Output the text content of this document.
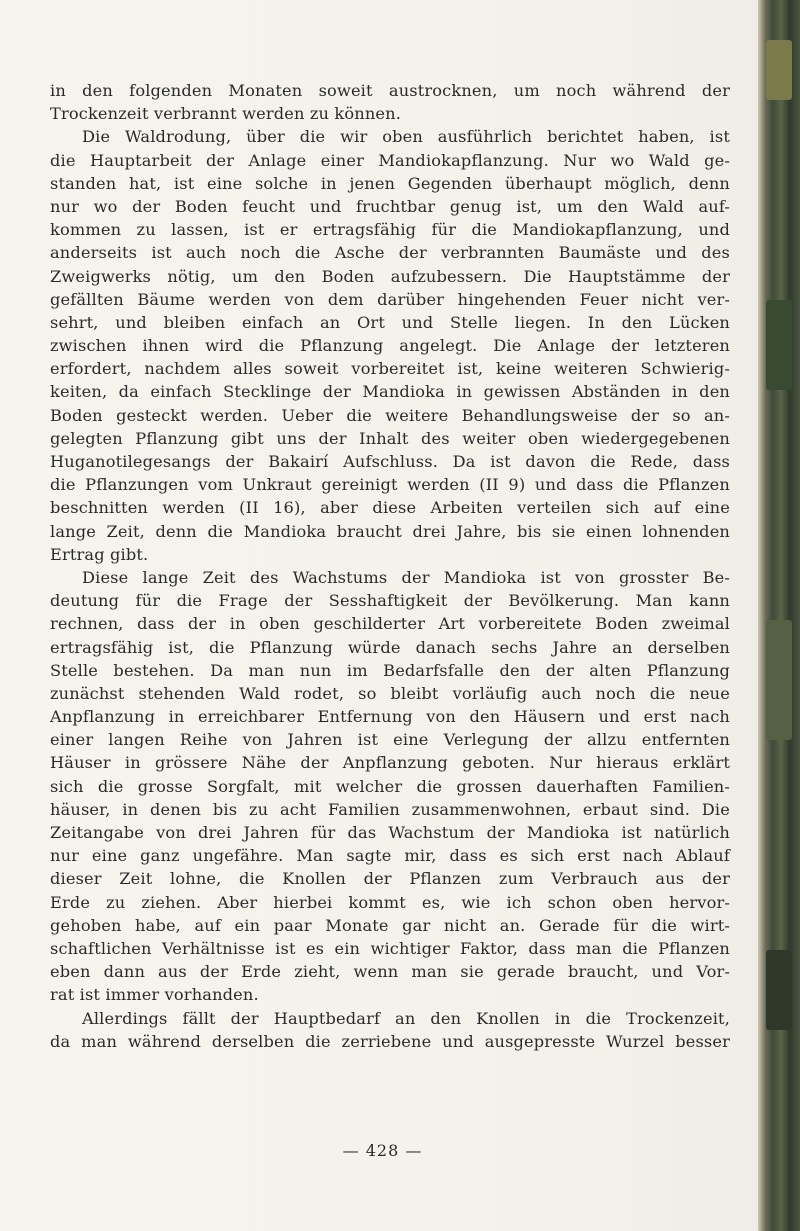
in den folgenden Monaten soweit austrocknen, um noch während der
Trockenzeit verbrannt werden zu können.
Die Waldrodung, über die wir oben ausführlich berichtet haben, ist
die Hauptarbeit der Anlage einer Mandiokapflanzung. Nur wo Wald ge-
standen hat, ist eine solche in jenen Gegenden überhaupt möglich, denn
nur wo der Boden feucht und fruchtbar genug ist, um den Wald auf-
kommen zu lassen, ist er ertragsfähig für die Mandiokapflanzung, und
anderseits ist auch noch die Asche der verbrannten Baumäste und des
Zweigwerks nötig, um den Boden aufzubessern. Die Hauptstämme der
gefällten Bäume werden von dem darüber hingehenden Feuer nicht ver-
sehrt, und bleiben einfach an Ort und Stelle liegen. In den Lücken
zwischen ihnen wird die Pflanzung angelegt. Die Anlage der letzteren
erfordert, nachdem alles soweit vorbereitet ist, keine weiteren Schwierig-
keiten, da einfach Stecklinge der Mandioka in gewissen Abständen in den
Boden gesteckt werden. Ueber die weitere Behandlungsweise der so an-
gelegten Pflanzung gibt uns der Inhalt des weiter oben wiedergegebenen
Huganotilegesangs der Bakairí Aufschluss. Da ist davon die Rede, dass
die Pflanzungen vom Unkraut gereinigt werden (II 9) und dass die Pflanzen
beschnitten werden (II 16), aber diese Arbeiten verteilen sich auf eine
lange Zeit, denn die Mandioka braucht drei Jahre, bis sie einen lohnenden
Ertrag gibt.
Diese lange Zeit des Wachstums der Mandioka ist von grosster Be-
deutung für die Frage der Sesshaftigkeit der Bevölkerung. Man kann
rechnen, dass der in oben geschilderter Art vorbereitete Boden zweimal
ertragsfähig ist, die Pflanzung würde danach sechs Jahre an derselben
Stelle bestehen. Da man nun im Bedarfsfalle den der alten Pflanzung
zunächst stehenden Wald rodet, so bleibt vorläufig auch noch die neue
Anpflanzung in erreichbarer Entfernung von den Häusern und erst nach
einer langen Reihe von Jahren ist eine Verlegung der allzu entfernten
Häuser in grössere Nähe der Anpflanzung geboten. Nur hieraus erklärt
sich die grosse Sorgfalt, mit welcher die grossen dauerhaften Familien-
häuser, in denen bis zu acht Familien zusammenwohnen, erbaut sind. Die
Zeitangabe von drei Jahren für das Wachstum der Mandioka ist natürlich
nur eine ganz ungefähre. Man sagte mir, dass es sich erst nach Ablauf
dieser Zeit lohne, die Knollen der Pflanzen zum Verbrauch aus der
Erde zu ziehen. Aber hierbei kommt es, wie ich schon oben hervor-
gehoben habe, auf ein paar Monate gar nicht an. Gerade für die wirt-
schaftlichen Verhältnisse ist es ein wichtiger Faktor, dass man die Pflanzen
eben dann aus der Erde zieht, wenn man sie gerade braucht, und Vor-
rat ist immer vorhanden.
Allerdings fällt der Hauptbedarf an den Knollen in die Trockenzeit,
da man während derselben die zerriebene und ausgepresste Wurzel besser
— 428 —
